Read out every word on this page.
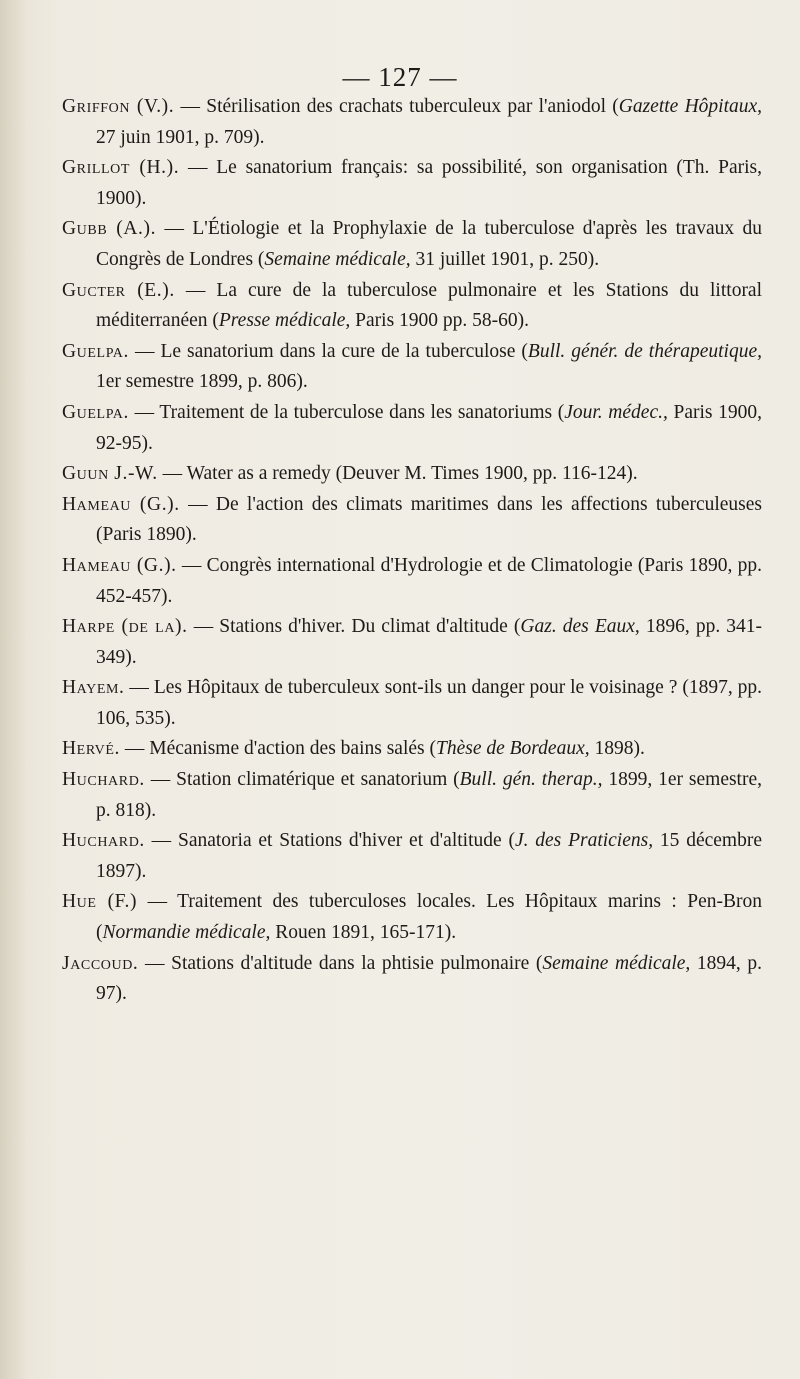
— 127 —

Griffon (V.). — Stérilisation des crachats tuberculeux par l'aniodol (Gazette Hôpitaux, 27 juin 1901, p. 709).

Grillot (H.). — Le sanatorium français: sa possibilité, son organisation (Th. Paris, 1900).

Gubb (A.). — L'Étiologie et la Prophylaxie de la tuberculose d'après les travaux du Congrès de Londres (Semaine médicale, 31 juillet 1901, p. 250).

Gucter (E.). — La cure de la tuberculose pulmonaire et les Stations du littoral méditerranéen (Presse médicale, Paris 1900 pp. 58-60).

Guelpa. — Le sanatorium dans la cure de la tuberculose (Bull. génér. de thérapeutique, 1er semestre 1899, p. 806).

Guelpa. — Traitement de la tuberculose dans les sanatoriums (Jour. médec., Paris 1900, 92-95).

Guun J.-W. — Water as a remedy (Deuver M. Times 1900, pp. 116-124).

Hameau (G.). — De l'action des climats maritimes dans les affections tuberculeuses (Paris 1890).

Hameau (G.). — Congrès international d'Hydrologie et de Climatologie (Paris 1890, pp. 452-457).

Harpe (de la). — Stations d'hiver. Du climat d'altitude (Gaz. des Eaux, 1896, pp. 341-349).

Hayem. — Les Hôpitaux de tuberculeux sont-ils un danger pour le voisinage ? (1897, pp. 106, 535).

Hervé. — Mécanisme d'action des bains salés (Thèse de Bordeaux, 1898).

Huchard. — Station climatérique et sanatorium (Bull. gén. therap., 1899, 1er semestre, p. 818).

Huchard. — Sanatoria et Stations d'hiver et d'altitude (J. des Praticiens, 15 décembre 1897).

Hue (F.) — Traitement des tuberculoses locales. Les Hôpitaux marins : Pen-Bron (Normandie médicale, Rouen 1891, 165-171).

Jaccoud. — Stations d'altitude dans la phtisie pulmonaire (Semaine médicale, 1894, p. 97).
